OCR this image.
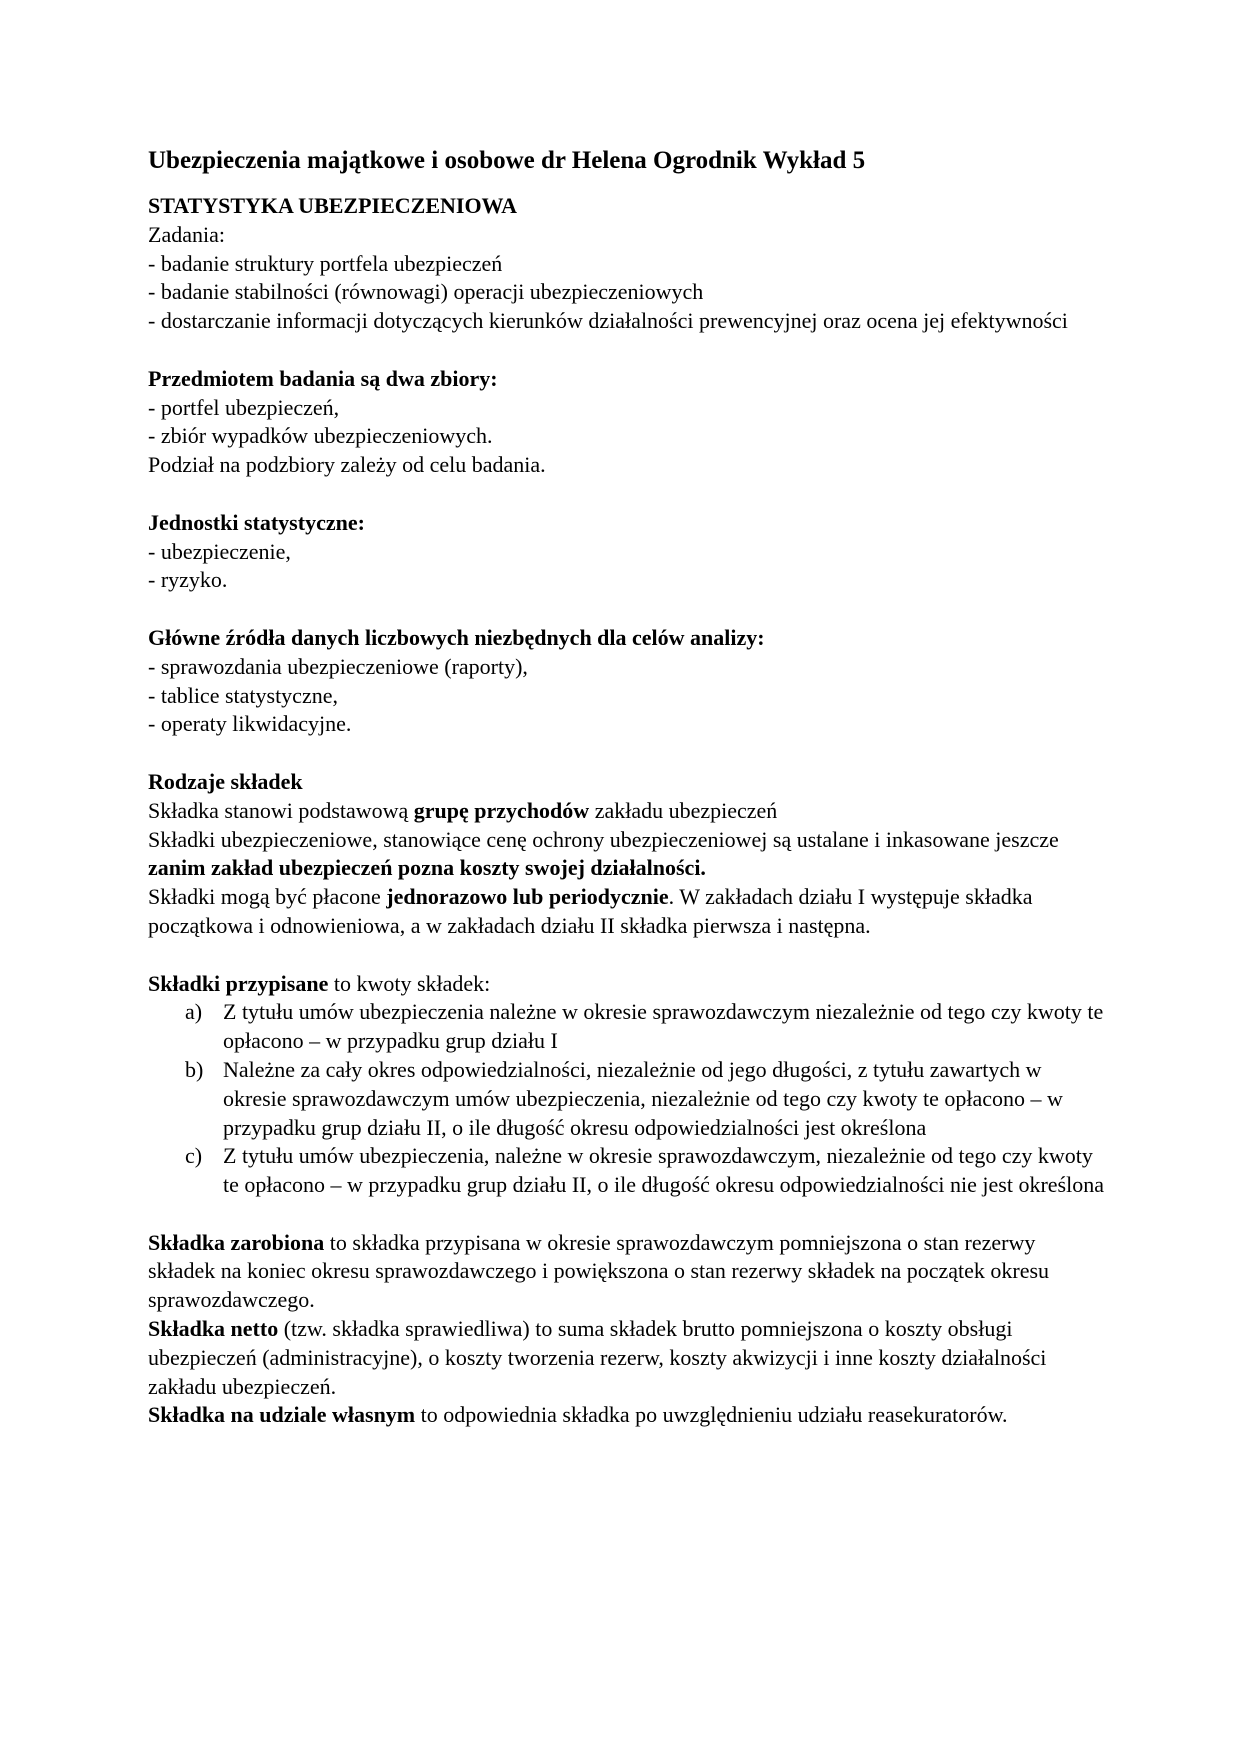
Ubezpieczenia majątkowe i osobowe dr Helena Ogrodnik Wykład 5

STATYSTYKA UBEZPIECZENIOWA

Zadania:

- badanie struktury portfela ubezpieczeń

- badanie stabilności (równowagi) operacji ubezpieczeniowych

- dostarczanie informacji dotyczących kierunków działalności prewencyjnej oraz ocena jej efektywności

Przedmiotem badania są dwa zbiory:

- portfel ubezpieczeń,

- zbiór wypadków ubezpieczeniowych.

Podział na podzbiory zależy od celu badania.

Jednostki statystyczne:

- ubezpieczenie,

- ryzyko.

Główne źródła danych liczbowych niezbędnych dla celów analizy:

- sprawozdania ubezpieczeniowe (raporty),

- tablice statystyczne,

- operaty likwidacyjne.

Rodzaje składek

Składka stanowi podstawową grupę przychodów zakładu ubezpieczeń

Składki ubezpieczeniowe, stanowiące cenę ochrony ubezpieczeniowej są ustalane i inkasowane jeszcze zanim zakład ubezpieczeń pozna koszty swojej działalności.

Składki mogą być płacone jednorazowo lub periodycznie. W zakładach działu I występuje składka początkowa i odnowieniowa, a w zakładach działu II składka pierwsza i następna.

Składki przypisane to kwoty składek:

a) Z tytułu umów ubezpieczenia należne w okresie sprawozdawczym niezależnie od tego czy kwoty te opłacono – w przypadku grup działu I
b) Należne za cały okres odpowiedzialności, niezależnie od jego długości, z tytułu zawartych w okresie sprawozdawczym umów ubezpieczenia, niezależnie od tego czy kwoty te opłacono – w przypadku grup działu II, o ile długość okresu odpowiedzialności jest określona
c) Z tytułu umów ubezpieczenia, należne w okresie sprawozdawczym, niezależnie od tego czy kwoty te opłacono – w przypadku grup działu II, o ile długość okresu odpowiedzialności nie jest określona

Składka zarobiona to składka przypisana w okresie sprawozdawczym pomniejszona o stan rezerwy składek na koniec okresu sprawozdawczego i powiększona o stan rezerwy składek na początek okresu sprawozdawczego.

Składka netto (tzw. składka sprawiedliwa) to suma składek brutto pomniejszona o koszty obsługi ubezpieczeń (administracyjne), o koszty tworzenia rezerw, koszty akwizycji i inne koszty działalności zakładu ubezpieczeń.

Składka na udziale własnym to odpowiednia składka po uwzględnieniu udziału reasekuratorów.
